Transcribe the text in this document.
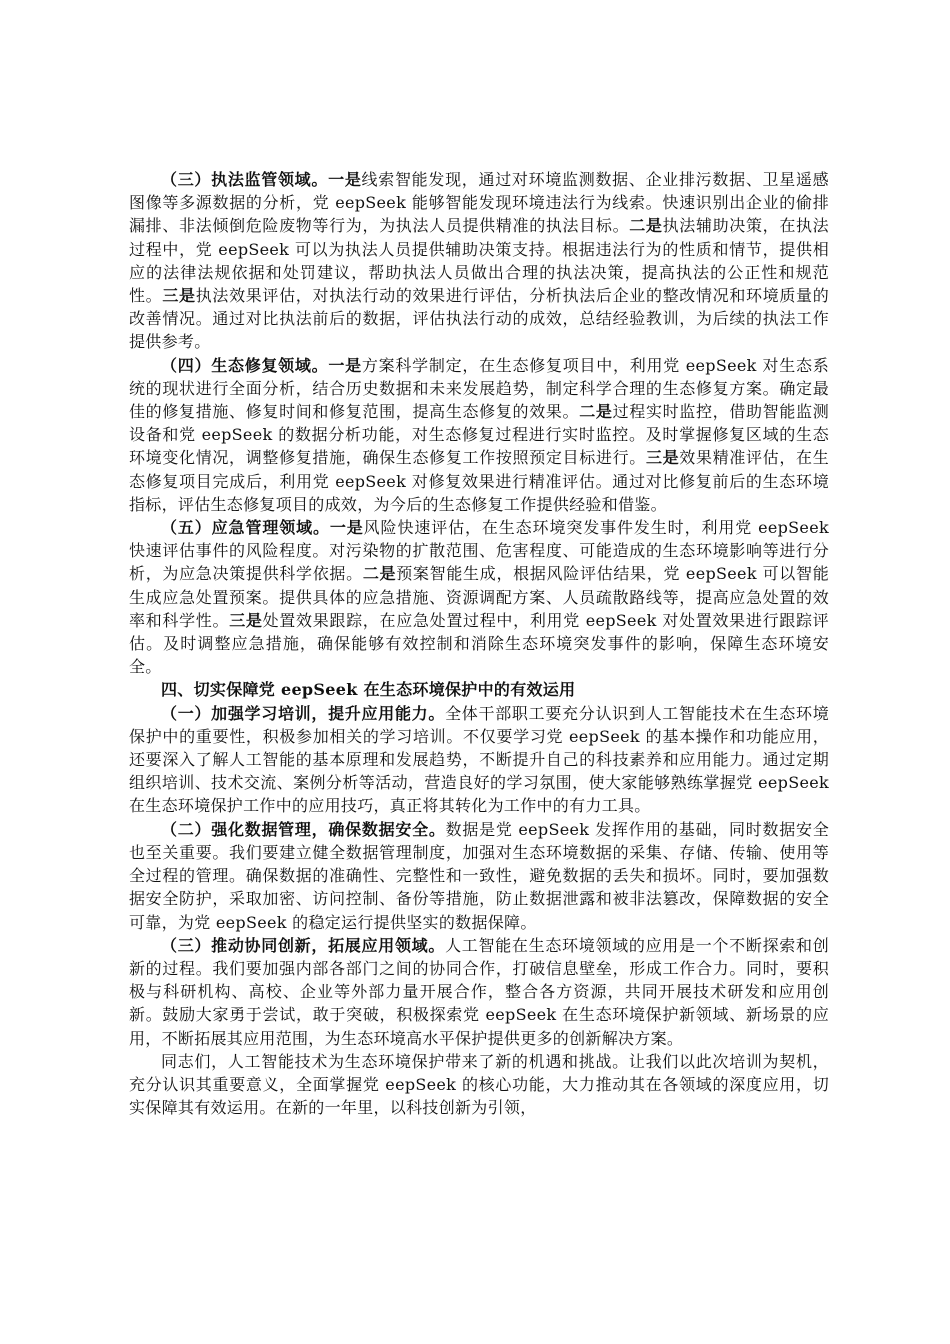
（三）执法监管领域。一是线索智能发现，通过对环境监测数据、企业排污数据、卫星遥感图像等多源数据的分析，党 eepSeek 能够智能发现环境违法行为线索。快速识别出企业的偷排漏排、非法倾倒危险废物等行为，为执法人员提供精准的执法目标。二是执法辅助决策，在执法过程中，党 eepSeek 可以为执法人员提供辅助决策支持。根据违法行为的性质和情节，提供相应的法律法规依据和处罚建议，帮助执法人员做出合理的执法决策，提高执法的公正性和规范性。三是执法效果评估，对执法行动的效果进行评估，分析执法后企业的整改情况和环境质量的改善情况。通过对比执法前后的数据，评估执法行动的成效，总结经验教训，为后续的执法工作提供参考。

（四）生态修复领域。一是方案科学制定，在生态修复项目中，利用党 eepSeek 对生态系统的现状进行全面分析，结合历史数据和未来发展趋势，制定科学合理的生态修复方案。确定最佳的修复措施、修复时间和修复范围，提高生态修复的效果。二是过程实时监控，借助智能监测设备和党 eepSeek 的数据分析功能，对生态修复过程进行实时监控。及时掌握修复区域的生态环境变化情况，调整修复措施，确保生态修复工作按照预定目标进行。三是效果精准评估，在生态修复项目完成后，利用党 eepSeek 对修复效果进行精准评估。通过对比修复前后的生态环境指标，评估生态修复项目的成效，为今后的生态修复工作提供经验和借鉴。

（五）应急管理领域。一是风险快速评估，在生态环境突发事件发生时，利用党 eepSeek 快速评估事件的风险程度。对污染物的扩散范围、危害程度、可能造成的生态环境影响等进行分析，为应急决策提供科学依据。二是预案智能生成，根据风险评估结果，党 eepSeek 可以智能生成应急处置预案。提供具体的应急措施、资源调配方案、人员疏散路线等，提高应急处置的效率和科学性。三是处置效果跟踪，在应急处置过程中，利用党 eepSeek 对处置效果进行跟踪评估。及时调整应急措施，确保能够有效控制和消除生态环境突发事件的影响，保障生态环境安全。

四、切实保障党 eepSeek 在生态环境保护中的有效运用

（一）加强学习培训，提升应用能力。全体干部职工要充分认识到人工智能技术在生态环境保护中的重要性，积极参加相关的学习培训。不仅要学习党 eepSeek 的基本操作和功能应用，还要深入了解人工智能的基本原理和发展趋势，不断提升自己的科技素养和应用能力。通过定期组织培训、技术交流、案例分析等活动，营造良好的学习氛围，使大家能够熟练掌握党 eepSeek 在生态环境保护工作中的应用技巧，真正将其转化为工作中的有力工具。

（二）强化数据管理，确保数据安全。数据是党 eepSeek 发挥作用的基础，同时数据安全也至关重要。我们要建立健全数据管理制度，加强对生态环境数据的采集、存储、传输、使用等全过程的管理。确保数据的准确性、完整性和一致性，避免数据的丢失和损坏。同时，要加强数据安全防护，采取加密、访问控制、备份等措施，防止数据泄露和被非法篡改，保障数据的安全可靠，为党 eepSeek 的稳定运行提供坚实的数据保障。

（三）推动协同创新，拓展应用领域。人工智能在生态环境领域的应用是一个不断探索和创新的过程。我们要加强内部各部门之间的协同合作，打破信息壁垒，形成工作合力。同时，要积极与科研机构、高校、企业等外部力量开展合作，整合各方资源，共同开展技术研发和应用创新。鼓励大家勇于尝试，敢于突破，积极探索党 eepSeek 在生态环境保护新领域、新场景的应用，不断拓展其应用范围，为生态环境高水平保护提供更多的创新解决方案。

同志们，人工智能技术为生态环境保护带来了新的机遇和挑战。让我们以此次培训为契机，充分认识其重要意义，全面掌握党 eepSeek 的核心功能，大力推动其在各领域的深度应用，切实保障其有效运用。在新的一年里，以科技创新为引领，
